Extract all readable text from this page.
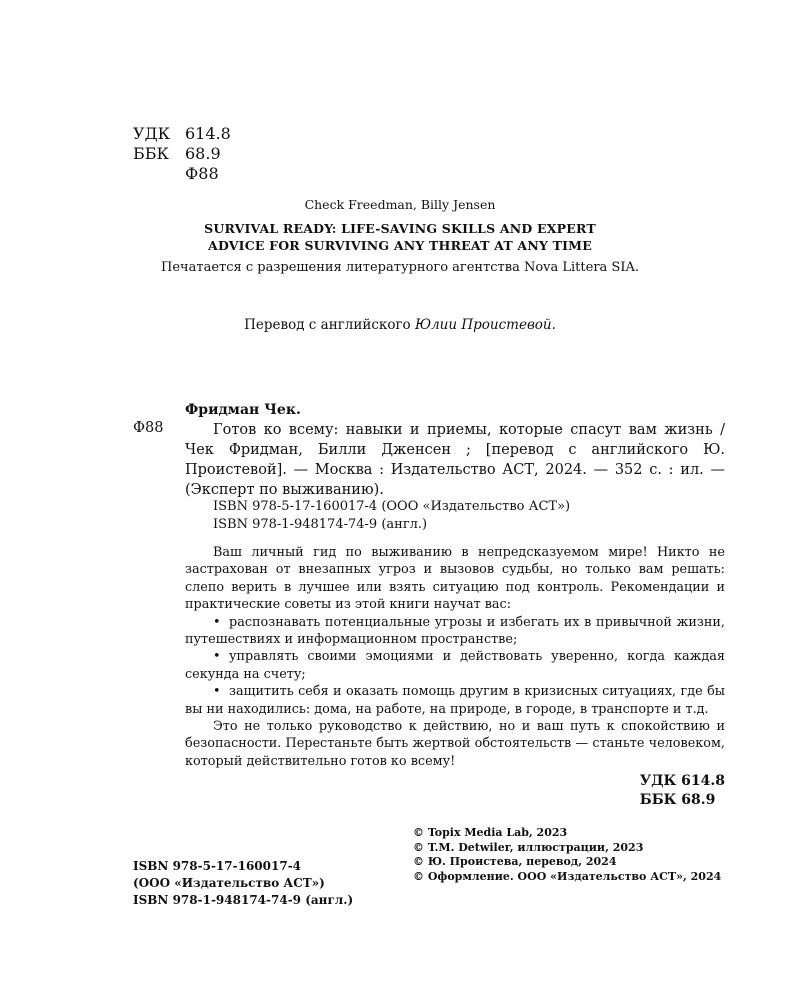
УДК 614.8
ББК	68.9
Ф88
Check Freedman, Billy Jensen
SURVIVAL READY: LIFE-SAVING SKILLS AND EXPERT
ADVICE FOR SURVIVING ANY THREAT AT ANY TIME
Печатается с разрешения литературного агентства Nova Littera SIA.
Перевод с английского Юлии Проистевой.
Фридман Чек.
Ф88	Готов ко всему: навыки и приемы, которые спасут вам жизнь / Чек Фридман, Билли Дженсен ; [перевод с английского Ю. Проистевой]. — Москва : Издательство АСТ, 2024. — 352 с. : ил. — (Эксперт по выживанию).
ISBN 978-5-17-160017-4 (ООО «Издательство АСТ»)
ISBN 978-1-948174-74-9 (англ.)

Ваш личный гид по выживанию в непредсказуемом мире! Никто не застрахован от внезапных угроз и вызовов судьбы, но только вам решать: слепо верить в лучшее или взять ситуацию под контроль. Рекомендации и практические советы из этой книги научат вас:

• распознавать потенциальные угрозы и избегать их в привычной жизни, путешествиях и информационном пространстве;

• управлять своими эмоциями и действовать уверенно, когда каждая секунда на счету;

• защитить себя и оказать помощь другим в кризисных ситуациях, где бы вы ни находились: дома, на работе, на природе, в городе, в транспорте и т.д.

Это не только руководство к действию, но и ваш путь к спокойствию и безопасности. Перестаньте быть жертвой обстоятельств — станьте человеком, который действительно готов ко всему!

УДК 614.8
ББК 68.9
ISBN 978-5-17-160017-4
(ООО «Издательство АСТ»)
ISBN 978-1-948174-74-9 (англ.)
© Topix Media Lab, 2023
© T.M. Detwiler, иллюстрации, 2023
© Ю. Проистева, перевод, 2024
© Оформление. ООО «Издательство АСТ», 2024
